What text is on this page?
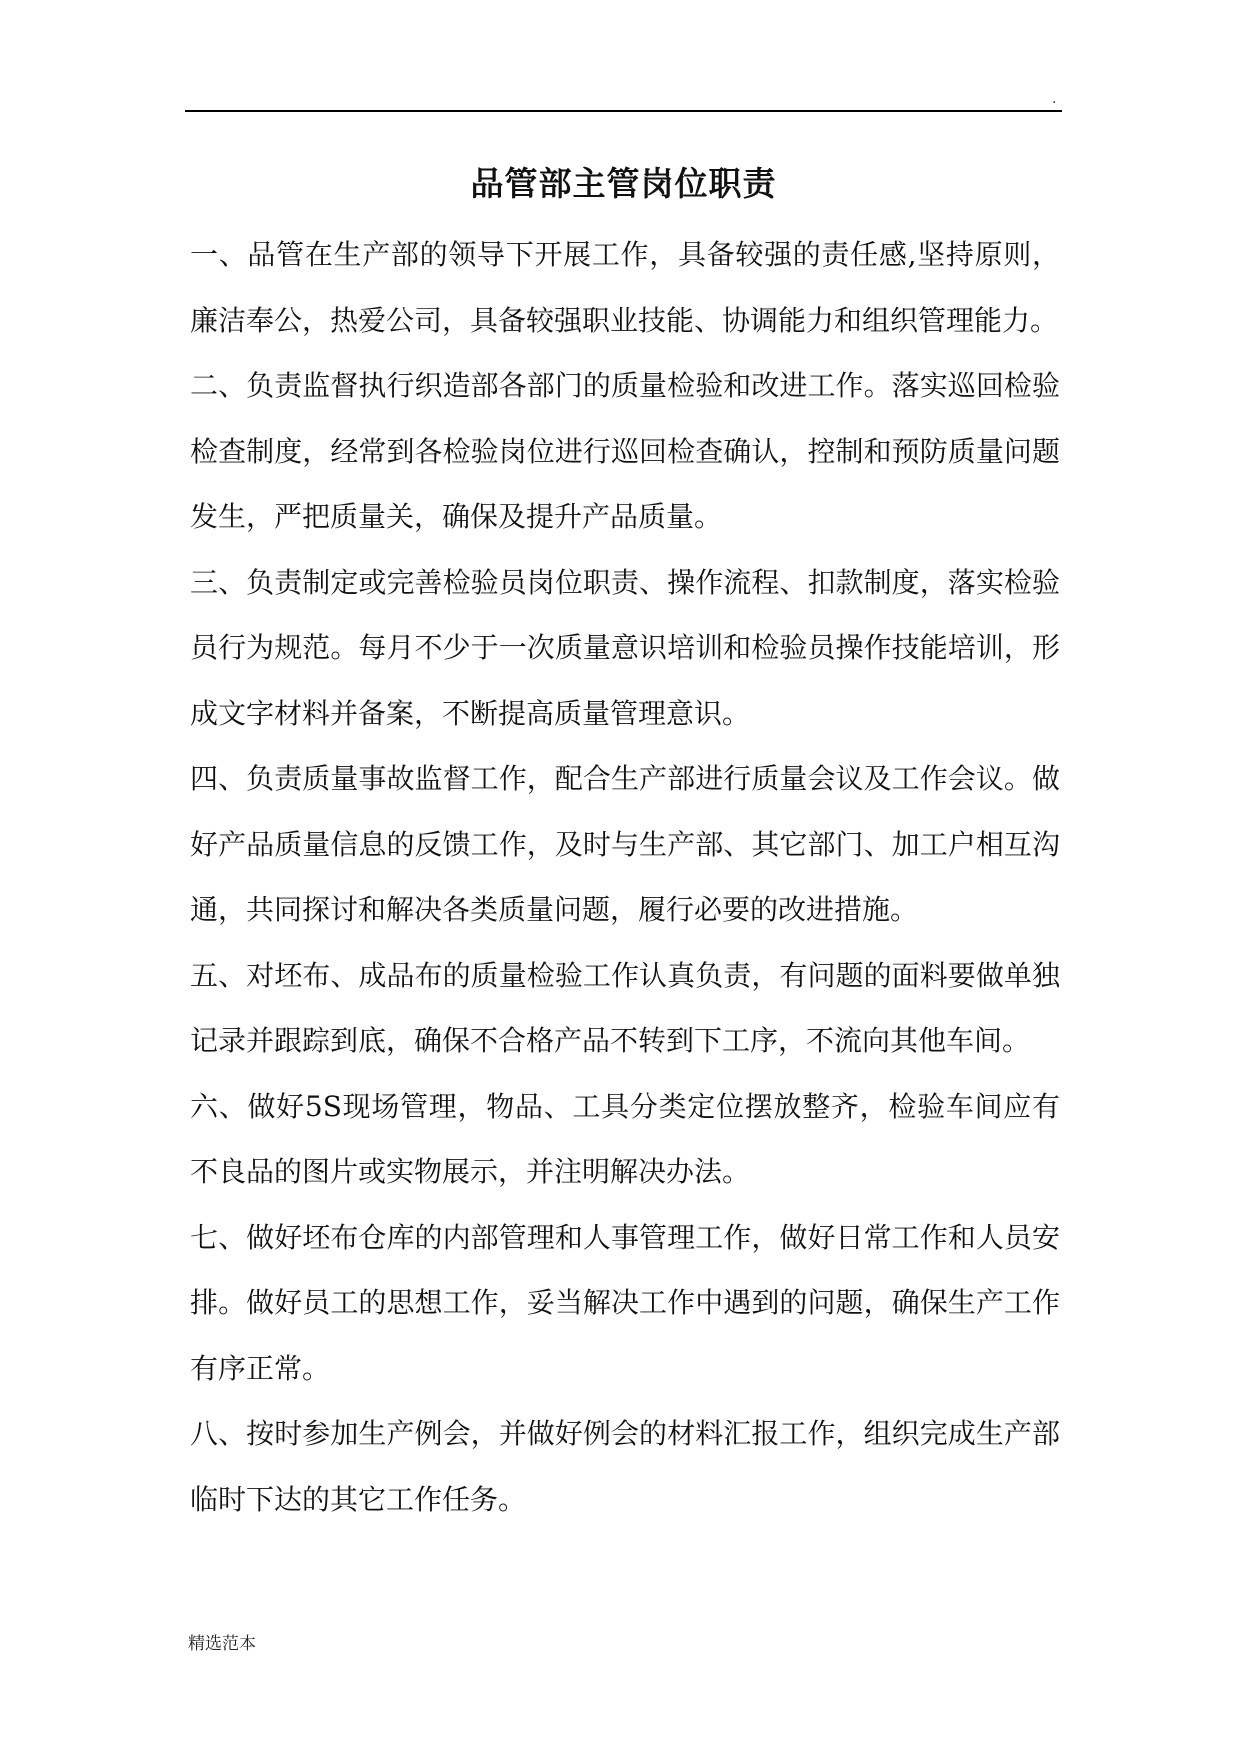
.
品管部主管岗位职责

一、品管在生产部的领导下开展工作，具备较强的责任感,坚持原则，廉洁奉公，热爱公司，具备较强职业技能、协调能力和组织管理能力。

二、负责监督执行织造部各部门的质量检验和改进工作。落实巡回检验检查制度，经常到各检验岗位进行巡回检查确认，控制和预防质量问题发生，严把质量关，确保及提升产品质量。

三、负责制定或完善检验员岗位职责、操作流程、扣款制度，落实检验员行为规范。每月不少于一次质量意识培训和检验员操作技能培训，形成文字材料并备案，不断提高质量管理意识。

四、负责质量事故监督工作，配合生产部进行质量会议及工作会议。做好产品质量信息的反馈工作，及时与生产部、其它部门、加工户相互沟通，共同探讨和解决各类质量问题，履行必要的改进措施。

五、对坯布、成品布的质量检验工作认真负责，有问题的面料要做单独记录并跟踪到底，确保不合格产品不转到下工序，不流向其他车间。

六、做好5S现场管理，物品、工具分类定位摆放整齐，检验车间应有不良品的图片或实物展示，并注明解决办法。

七、做好坯布仓库的内部管理和人事管理工作，做好日常工作和人员安排。做好员工的思想工作，妥当解决工作中遇到的问题，确保生产工作有序正常。

八、按时参加生产例会，并做好例会的材料汇报工作，组织完成生产部临时下达的其它工作任务。

精选范本
